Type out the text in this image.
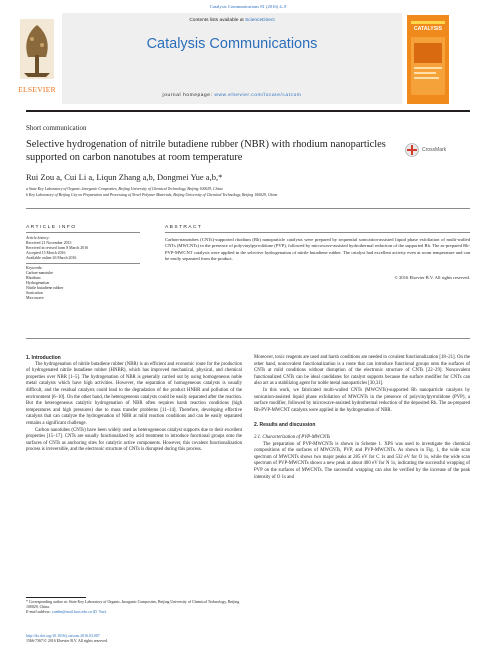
Catalysis Communications 81 (2016) 4–9
Contents lists available at ScienceDirect
Catalysis Communications
journal homepage: www.elsevier.com/locate/catcom
ELSEVIER
CATALYSIS
Short communication
Selective hydrogenation of nitrile butadiene rubber (NBR) with rhodium nanoparticles supported on carbon nanotubes at room temperature
CrossMark
Rui Zou a, Cui Li a, Liqun Zhang a,b, Dongmei Yue a,b,*
a State Key Laboratory of Organic–Inorganic Composites, Beijing University of Chemical Technology, Beijing 100029, China
b Key Laboratory of Beijing City on Preparation and Processing of Novel Polymer Materials, Beijing University of Chemical Technology, Beijing 100029, China
ARTICLE INFO
Article history:
Received 21 November 2015
Received in revised form 8 March 2016
Accepted 15 March 2016
Available online 26 March 2016
Keywords:
Carbon-nanotube
Rhodium
Hydrogenation
Nitrile butadiene rubber
Sonication
Microwave
ABSTRACT
Carbon-nanotubes (CNTs)-supported rhodium (Rh) nanoparticle catalysts were prepared by sequential sonication-assisted liquid phase exfoliation of multi-walled CNTs (MWCNTs) in the presence of polyvinylpyrrolidone (PVP), followed by microwave-assisted hydrothermal reduction of the supported Rh. The as-prepared Rh-PVP-MWCNT catalysts were applied in the selective hydrogenation of nitrile butadiene rubber. The catalyst had excellent activity even at room temperature and can be easily separated from the product.
© 2016 Elsevier B.V. All rights reserved.

1. Introduction

The hydrogenation of nitrile butadiene rubber (NBR) is an efficient and economic route for the production of hydrogenated nitrile butadiene rubber (HNBR), which has improved mechanical, physical, and chemical properties over NBR [1–5]. The hydrogenation of NBR is generally carried out by using homogeneous noble metal catalysts which have high activities. However, the separation of homogeneous catalysts is usually difficult, and the residual catalysts could lead to the degradation of the product HNBR and pollution of the environment [6–10]. On the other hand, the heterogeneous catalysts could be easily separated after the reaction. But the heterogeneous catalytic hydrogenation of NBR often requires harsh reaction conditions (high temperatures and high pressures) due to mass transfer problems [11–14]. Therefore, developing effective catalysts that can catalyze the hydrogenation of NBR at mild reaction conditions and can be easily separated remains a significant challenge.

Carbon nanotubes (CNTs) have been widely used as heterogeneous catalyst supports due to their excellent properties [15–17]. CNTs are usually functionalized by acid treatment to introduce functional groups onto the surfaces of CNTs as anchoring sites for catalytic active components. However, this covalent functionalization process is irreversible, and the electronic structure of CNTs is disrupted during this process.

Moreover, toxic reagents are used and harsh conditions are needed in covalent functionalization [18–21]. On the other hand, noncovalent functionalization is a route that can introduce functional groups onto the surfaces of CNTs at mild conditions without disruption of the electronic structure of CNTs [22–29]. Noncovalent functionalized CNTs can be ideal candidates for catalyst supports because the surface modifier for CNTs can also act as a stabilizing agent for noble metal nanoparticles [30,31].

In this work, we fabricated multi-walled CNTs (MWCNTs)-supported Rh nanoparticle catalysts by sonication-assisted liquid phase exfoliation of MWCNTs in the presence of polyvinylpyrrolidone (PVP), a surface modifier, followed by microwave-assisted hydrothermal reduction of the deposited Rh. The as-prepared Rh-PVP-MWCNT catalysts were applied in the hydrogenation of NBR.

2. Results and discussion

2.1. Characterization of PVP-MWCNTs

The preparation of PVP-MWCNTs is shown in Scheme 1. XPS was used to investigate the chemical compositions of the surfaces of MWCNTs, PVP, and PVP-MWCNTs. As shown in Fig. 1, the wide scan spectrum of MWCNTs shows two major peaks at 285 eV for C 1s and 532 eV for O 1s, while the wide scan spectrum of PVP-MWCNTs shows a new peak at about 400 eV for N 1s, indicating the successful wrapping of PVP on the surfaces of MWCNTs. The successful wrapping can also be verified by the increase of the peak intensity of O 1s and

* Corresponding author at: State Key Laboratory of Organic–Inorganic Composites, Beijing University of Chemical Technology, Beijing 100029, China.
E-mail address: yuedm@mail.buct.edu.cn (D. Yue).
http://dx.doi.org/10.1016/j.catcom.2016.03.007
1566-7367/© 2016 Elsevier B.V. All rights reserved.
